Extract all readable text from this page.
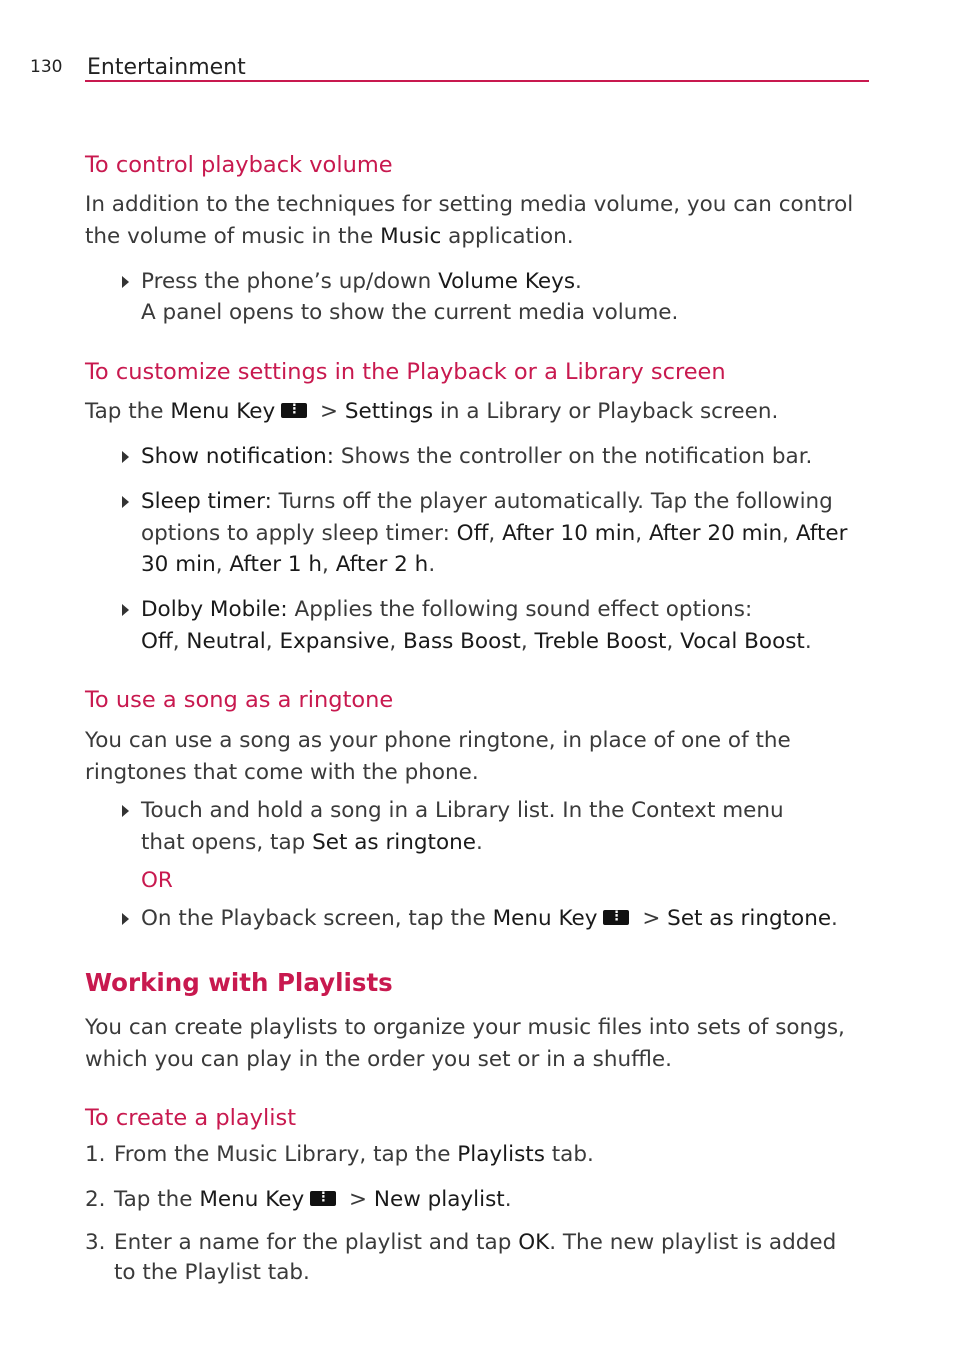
130 Entertainment
To control playback volume
In addition to the techniques for setting media volume, you can control the volume of music in the Music application.
Press the phone’s up/down Volume Keys.
A panel opens to show the current media volume.
To customize settings in the Playback or a Library screen
Tap the Menu Key⋮ > Settings in a Library or Playback screen.
Show notification: Shows the controller on the notification bar.
Sleep timer: Turns off the player automatically. Tap the following options to apply sleep timer: Off, After 10 min, After 20 min, After 30 min, After 1 h, After 2 h.
Dolby Mobile: Applies the following sound effect options:
Off, Neutral, Expansive, Bass Boost, Treble Boost, Vocal Boost.
To use a song as a ringtone
You can use a song as your phone ringtone, in place of one of the ringtones that come with the phone.
Touch and hold a song in a Library list. In the Context menu that opens, tap Set as ringtone.
OR
On the Playback screen, tap the Menu Key⋮ > Set as ringtone.
Working with Playlists
You can create playlists to organize your music files into sets of songs, which you can play in the order you set or in a shuffle.
To create a playlist
1. From the Music Library, tap the Playlists tab.
2. Tap the Menu Key⋮ > New playlist.
3. Enter a name for the playlist and tap OK. The new playlist is added to the Playlist tab.
